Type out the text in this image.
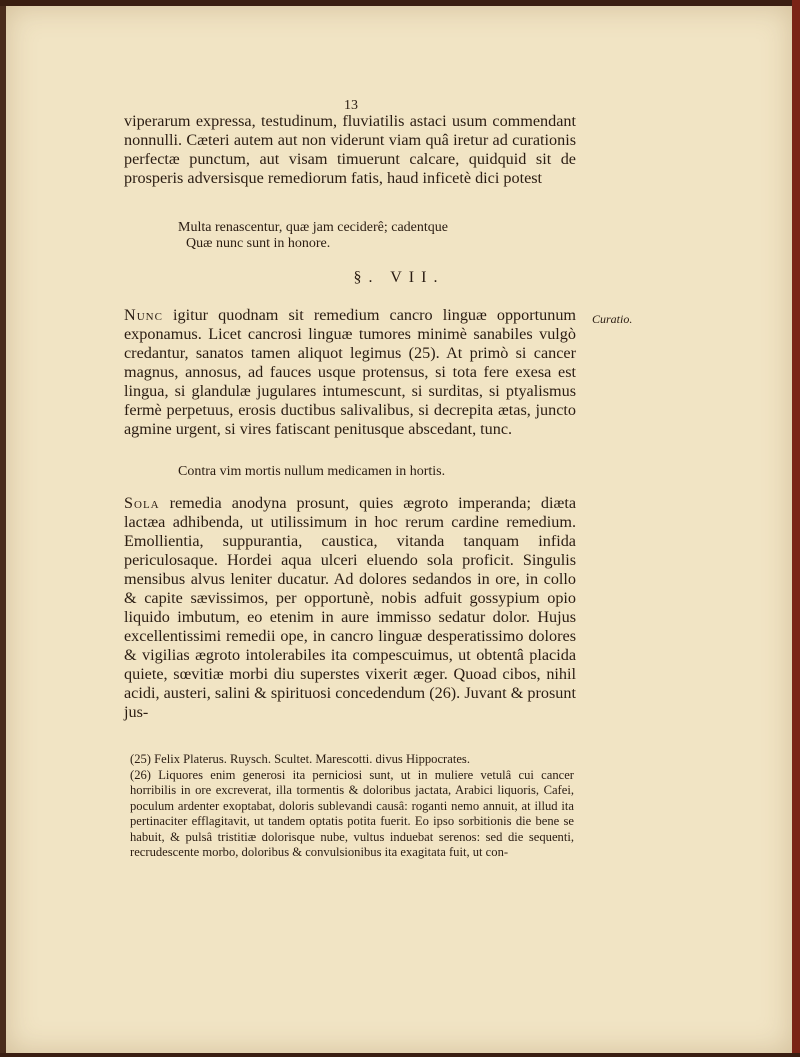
13
viperarum expressa, testudinum, fluviatilis astaci usum commendant nonnulli. Cæteri autem aut non viderunt viam quâ iretur ad curationis perfectæ punctum, aut visam timuerunt calcare, quidquid sit de prosperis adversisque remediorum fatis, haud inficetè dici potest

Multa renascentur, quæ jam ceciderê; cadentque

Quæ nunc sunt in honore.

§. VII.
Curatio.
Nunc igitur quodnam sit remedium cancro linguæ opportunum exponamus. Licet cancrosi linguæ tumores minimè sanabiles vulgò credantur, sanatos tamen aliquot legimus (25). At primò si cancer magnus, annosus, ad fauces usque protensus, si tota fere exesa est lingua, si glandulæ jugulares intumescunt, si surditas, si ptyalismus fermè perpetuus, erosis ductibus salivalibus, si decrepita ætas, juncto agmine urgent, si vires fatiscant penitusque abscedant, tunc.
Contra vim mortis nullum medicamen in hortis.
Sola remedia anodyna prosunt, quies ægroto imperanda; diæta lactæa adhibenda, ut utilissimum in hoc rerum cardine remedium. Emollientia, suppurantia, caustica, vitanda tanquam infida periculosaque. Hordei aqua ulceri eluendo sola proficit. Singulis mensibus alvus leniter ducatur. Ad dolores sedandos in ore, in collo & capite sævissimos, per opportunè, nobis adfuit gossypium opio liquido imbutum, eo etenim in aure immisso sedatur dolor. Hujus excellentissimi remedii ope, in cancro linguæ desperatissimo dolores & vigilias ægroto intolerabiles ita compescuimus, ut obtentâ placida quiete, sœvitiæ morbi diu superstes vixerit æger. Quoad cibos, nihil acidi, austeri, salini & spirituosi concedendum (26). Juvant & prosunt jus-

(25) Felix Platerus. Ruysch. Scultet. Marescotti. divus Hippocrates.

(26) Liquores enim generosi ita perniciosi sunt, ut in muliere vetulâ cui cancer horribilis in ore excreverat, illa tormentis & doloribus jactata, Arabici liquoris, Cafei, poculum ardenter exoptabat, doloris sublevandi causâ: roganti nemo annuit, at illud ita pertinaciter efflagitavit, ut tandem optatis potita fuerit. Eo ipso sorbitionis die bene se habuit, & pulsâ tristitiæ dolorisque nube, vultus induebat serenos: sed die sequenti, recrudescente morbo, doloribus & convulsionibus ita exagitata fuit, ut con-
